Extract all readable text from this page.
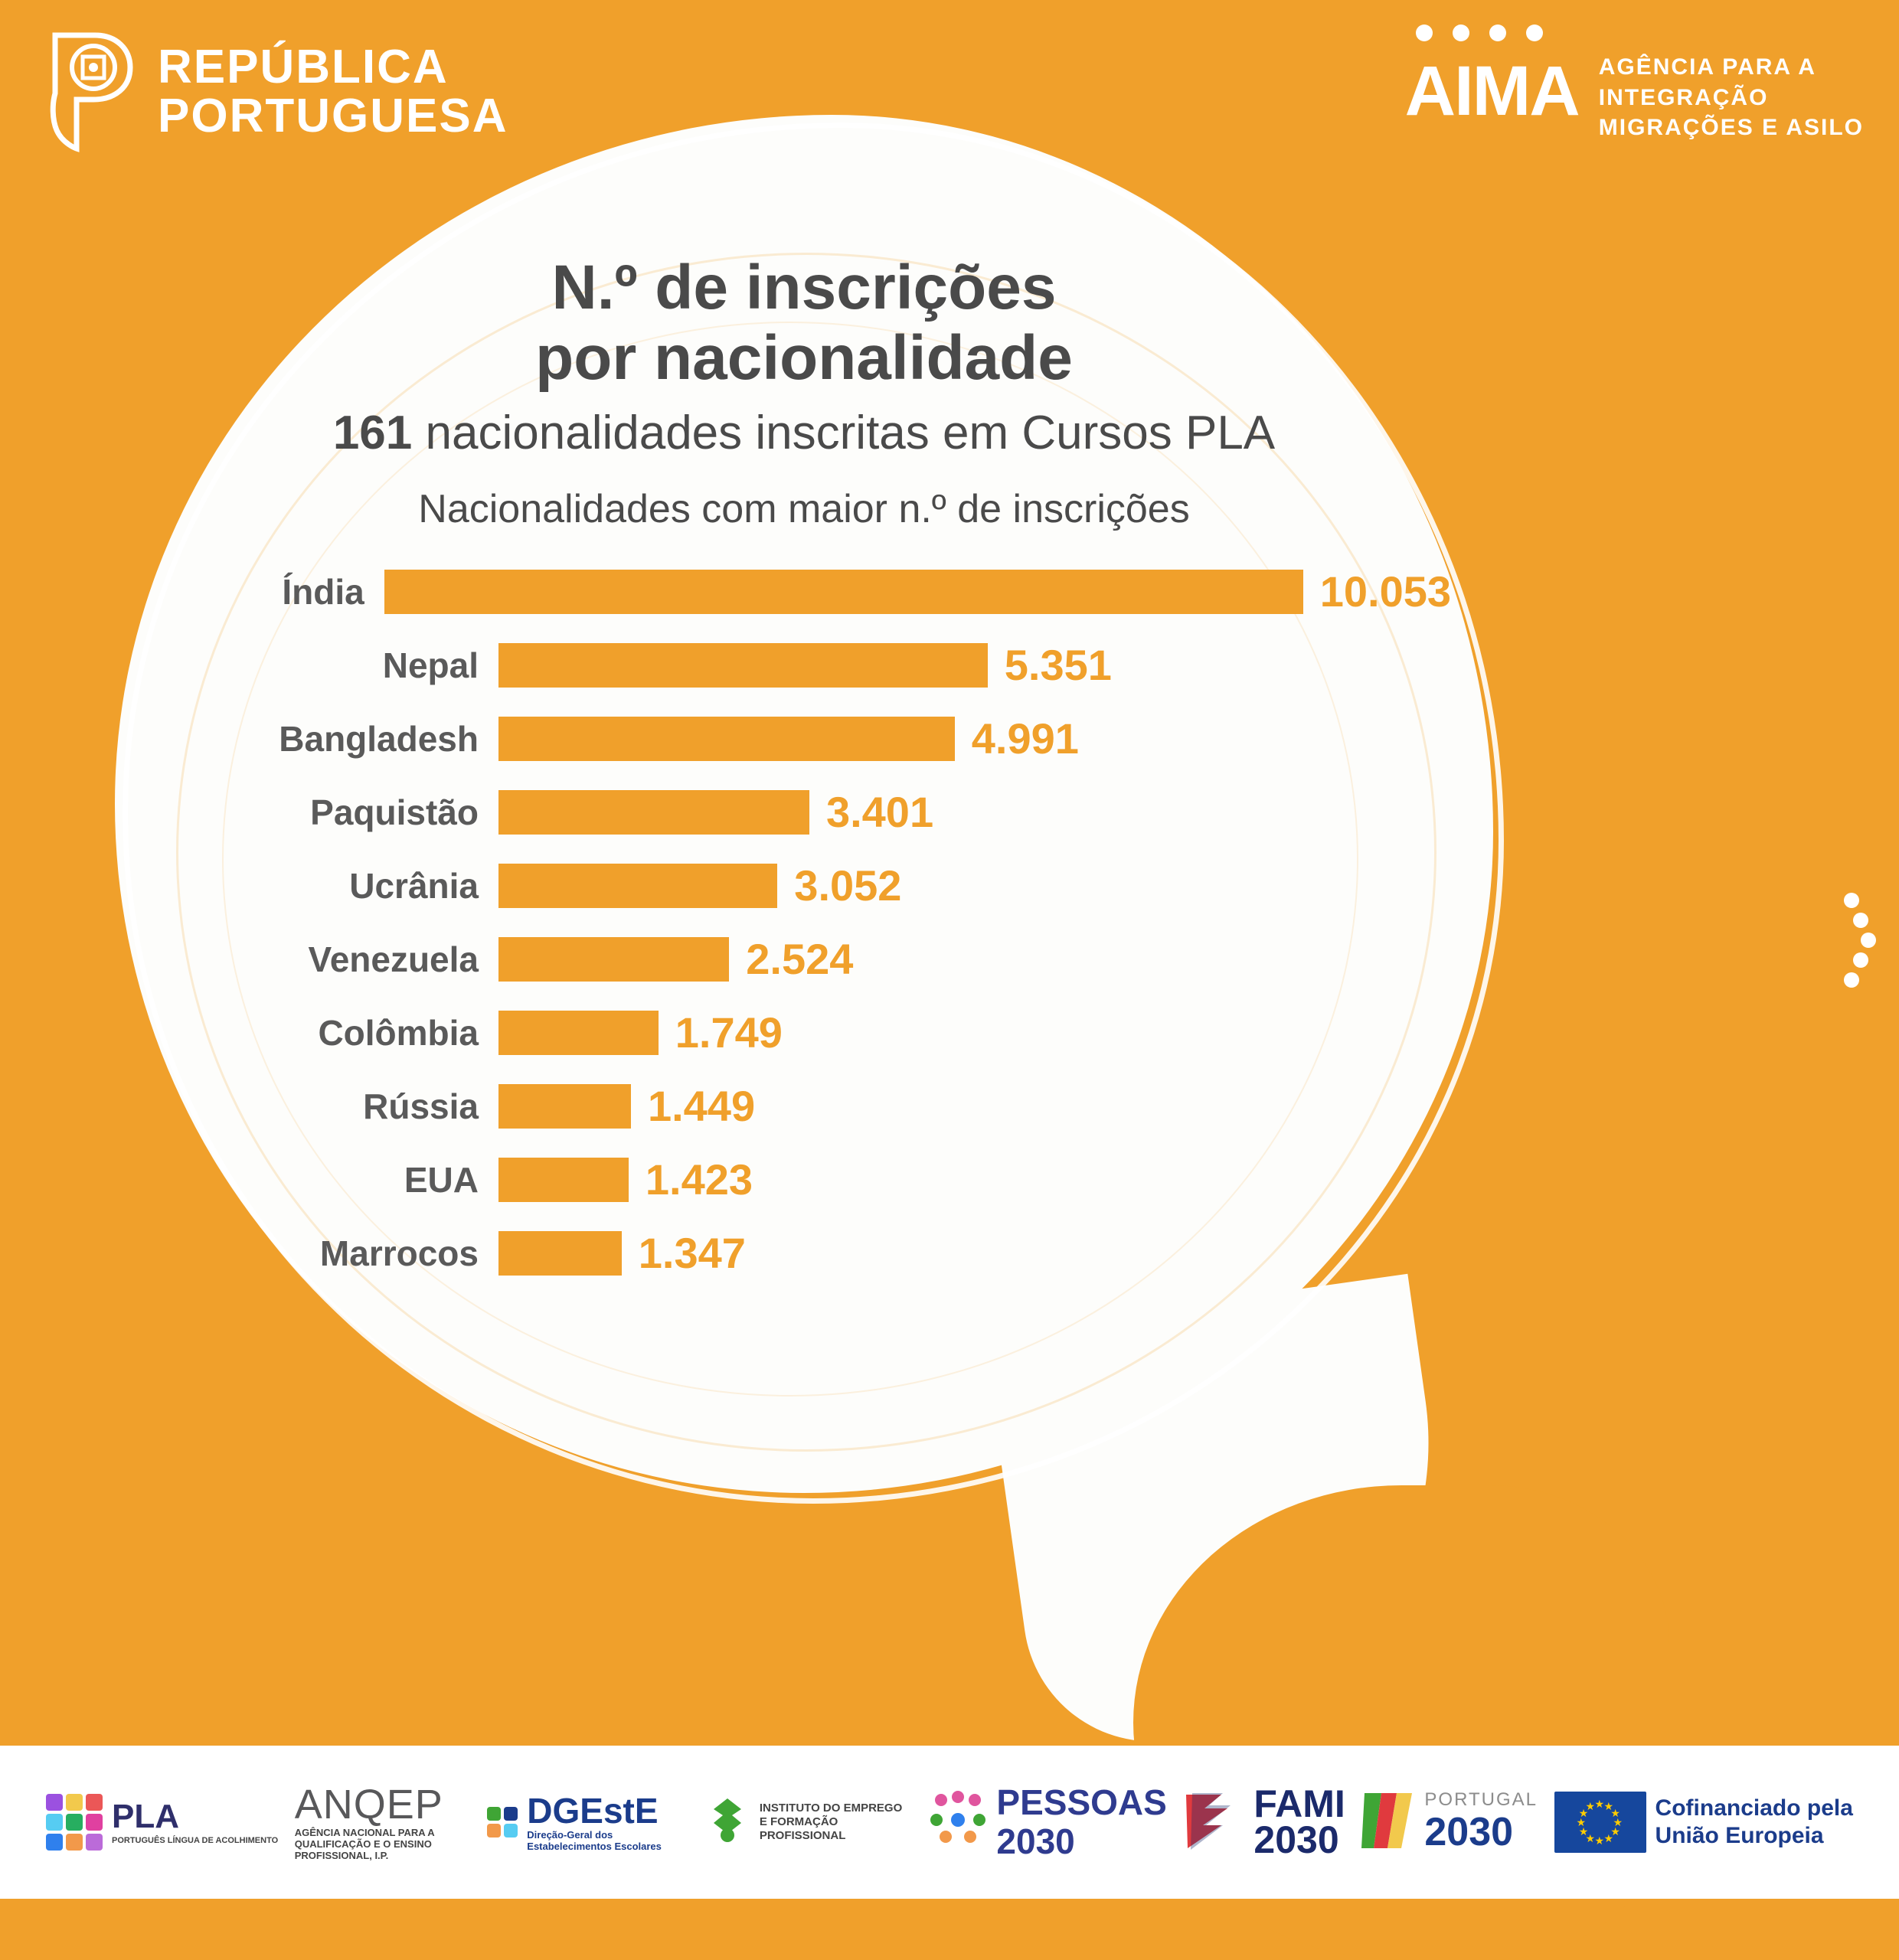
REPÚBLICA
PORTUGUESA	AIMA AGÊNCIA PARA A
INTEGRAÇÃO
MIGRAÇÕES E ASILO
N.º de inscrições
por nacionalidade
161 nacionalidades inscritas em Cursos PLA
Nacionalidades com maior n.º de inscrições
Índia	10.053
Nepal	5.351
Bangladesh	4.991
Paquistão	3.401
Ucrânia	3.052
Venezuela	2.524
Colômbia	1.749
Rússia	1.449
EUA	1.423
Marrocos	1.347
PLA
PORTUGUÊS LÍNGUA DE ACOLHIMENTO
ANQEP
AGÊNCIA NACIONAL PARA A QUALIFICAÇÃO E O ENSINO PROFISSIONAL, I.P.
DGEstE
Direção-Geral dos Estabelecimentos Escolares
INSTITUTO DO EMPREGO E FORMAÇÃO PROFISSIONAL
PESSOAS
2030
FAMI
2030
PORTUGAL
2030
★ ★
★
★
★
★
★
★
★
★
★
★	Cofinanciado pela
União Europeia
